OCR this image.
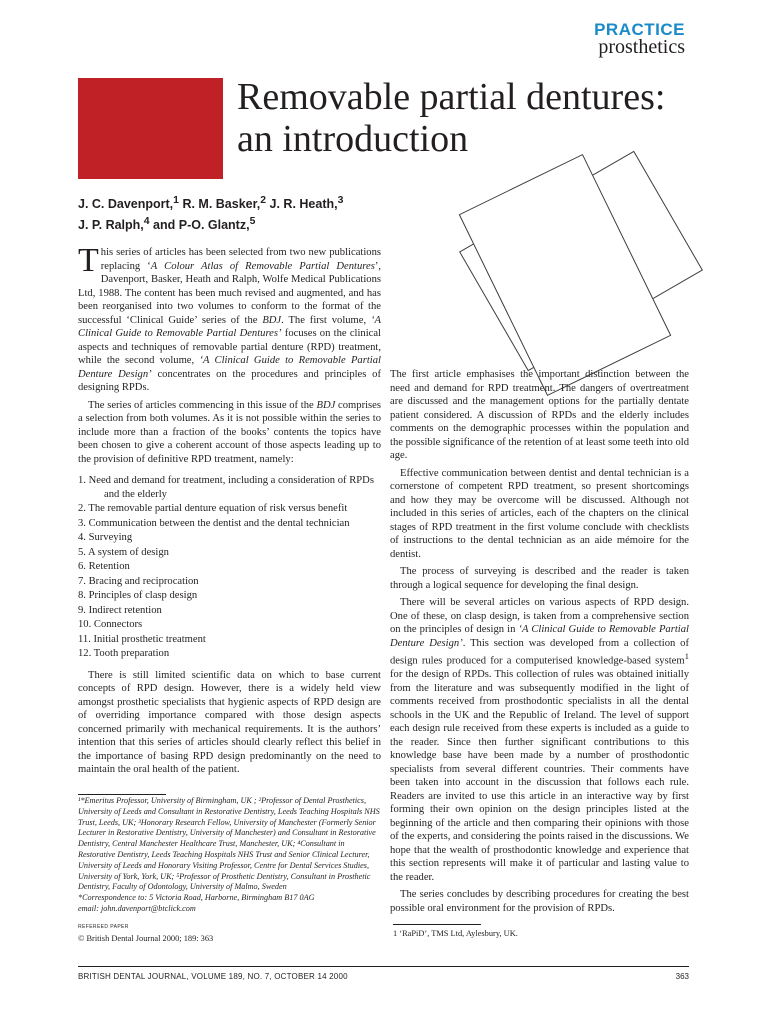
PRACTICE
prosthetics
Removable partial dentures: an introduction
J. C. Davenport,$^1$ R. M. Basker,$^2$ J. R. Heath,$^3$
J. P. Ralph,$^4$ and P-O. Glantz,$^5$

This series of articles has been selected from two new publications replacing ‘A Colour Atlas of Removable Partial Dentures’, Davenport, Basker, Heath and Ralph, Wolfe Medical Publications Ltd, 1988. The content has been much revised and augmented, and has been reorganised into two volumes to conform to the format of the successful ‘Clinical Guide’ series of the BDJ. The first volume, ‘A Clinical Guide to Removable Partial Dentures’ focuses on the clinical aspects and techniques of removable partial denture (RPD) treatment, while the second volume, ‘A Clinical Guide to Removable Partial Denture Design’ concentrates on the procedures and principles of designing RPDs.

The series of articles commencing in this issue of the BDJ comprises a selection from both volumes. As it is not possible within the series to include more than a fraction of the books’ contents the topics have been chosen to give a coherent account of those aspects leading up to the provision of definitive RPD treatment, namely:

1. Need and demand for treatment, including a consideration of RPDs and the elderly
2. The removable partial denture equation of risk versus benefit
3. Communication between the dentist and the dental technician
4. Surveying
5. A system of design
6. Retention
7. Bracing and reciprocation
8. Principles of clasp design
9. Indirect retention
10. Connectors
11. Initial prosthetic treatment
12. Tooth preparation

There is still limited scientific data on which to base current concepts of RPD design. However, there is a widely held view amongst prosthetic specialists that hygienic aspects of RPD design are of overriding importance compared with those design aspects concerned primarily with mechanical requirements. It is the authors’ intention that this series of articles should clearly reflect this belief in the importance of basing RPD design predominantly on the need to maintain the oral health of the patient.

The first article emphasises the important distinction between the need and demand for RPD treatment. The dangers of overtreatment are discussed and the management options for the partially dentate patient considered. A discussion of RPDs and the elderly includes comments on the demographic processes within the population and the possible significance of the retention of at least some teeth into old age.

Effective communication between dentist and dental technician is a cornerstone of competent RPD treatment, so present shortcomings and how they may be overcome will be discussed. Although not included in this series of articles, each of the chapters on the clinical stages of RPD treatment in the first volume conclude with checklists of instructions to the dental technician as an aide mémoire for the dentist.

The process of surveying is described and the reader is taken through a logical sequence for developing the final design.

There will be several articles on various aspects of RPD design. One of these, on clasp design, is taken from a comprehensive section on the principles of design in ‘A Clinical Guide to Removable Partial Denture Design’. This section was developed from a collection of design rules produced for a computerised knowledge-based system$^1$ for the design of RPDs. This collection of rules was obtained initially from the literature and was subsequently modified in the light of comments received from prosthodontic specialists in all the dental schools in the UK and the Republic of Ireland. The level of support each design rule received from these experts is included as a guide to the reader. Since then further significant contributions to this knowledge base have been made by a number of prosthodontic specialists from several different countries. Their comments have been taken into account in the discussion that follows each rule. Readers are invited to use this article in an interactive way by first forming their own opinion on the design principles listed at the beginning of the article and then comparing their opinions with those of the experts, and considering the points raised in the discussions. We hope that the wealth of prosthodontic knowledge and experience that this section represents will make it of particular and lasting value to the reader.

The series concludes by describing procedures for creating the best possible oral environment for the provision of RPDs.

¹*Emeritus Professor, University of Birmingham, UK ; ²Professor of Dental Prosthetics, University of Leeds and Consultant in Restorative Dentistry, Leeds Teaching Hospitals NHS Trust, Leeds, UK; ³Honorary Research Fellow, University of Manchester (Formerly Senior Lecturer in Restorative Dentistry, University of Manchester) and Consultant in Restorative Dentistry, Central Manchester Healthcare Trust, Manchester, UK; ⁴Consultant in Restorative Dentistry, Leeds Teaching Hospitals NHS Trust and Senior Clinical Lecturer, University of Leeds and Honorary Visiting Professor, Centre for Dental Services Studies, University of York, York, UK; ⁵Professor of Prosthetic Dentistry, Consultant in Prosthetic Dentistry, Faculty of Odontology, University of Malmo, Sweden
*Correspondence to: 5 Victoria Road, Harborne, Birmingham B17 0AG
email: john.davenport@btclick.com
REFEREED PAPER
© British Dental Journal 2000; 189: 363
1 ‘RaPiD’, TMS Ltd, Aylesbury, UK.
BRITISH DENTAL JOURNAL, VOLUME 189, NO. 7, OCTOBER 14 2000	363
